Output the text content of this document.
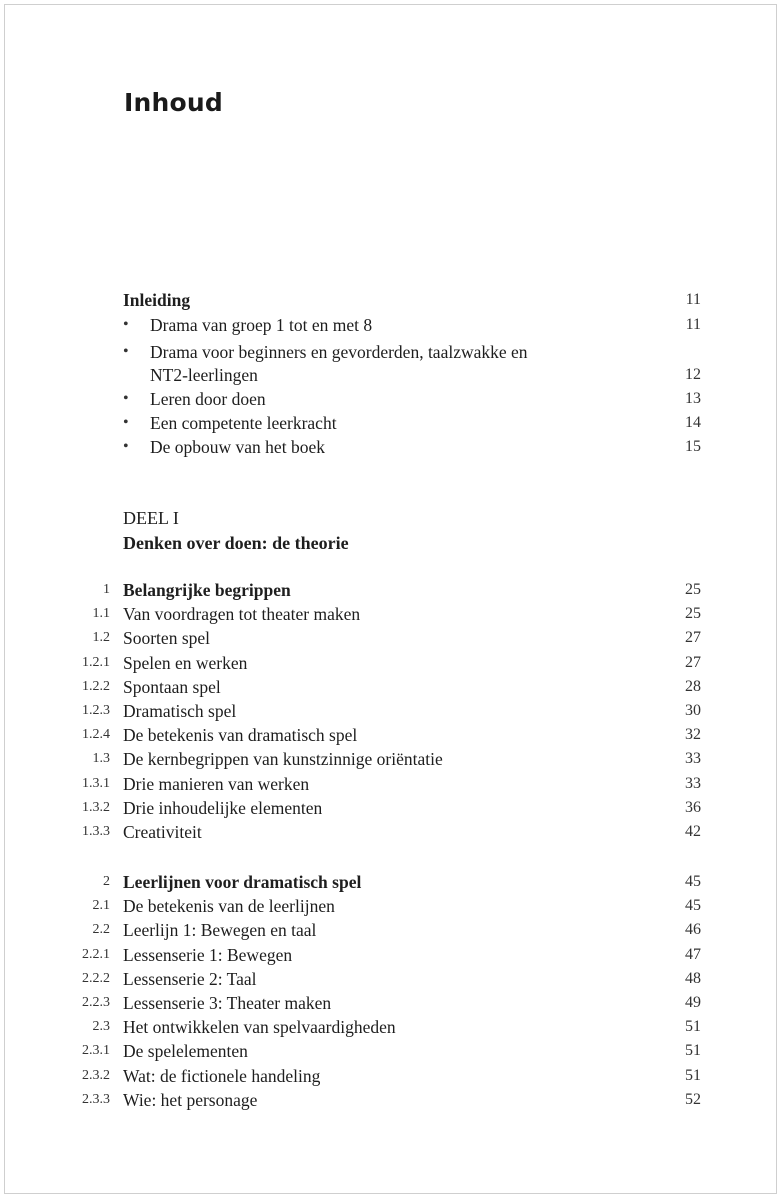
Inhoud
Inleiding	11
• Drama van groep 1 tot en met 8	11
• Drama voor beginners en gevorderden, taalzwakke en
NT2-leerlingen	12
• Leren door doen	13
• Een competente leerkracht	14
• De opbouw van het boek	15
DEEL I
Denken over doen: de theorie
1 Belangrijke begrippen	25
1.1 Van voordragen tot theater maken	25
1.2 Soorten spel	27
1.2.1 Spelen en werken	27
1.2.2 Spontaan spel	28
1.2.3 Dramatisch spel	30
1.2.4 De betekenis van dramatisch spel	32
1.3 De kernbegrippen van kunstzinnige oriëntatie	33
1.3.1 Drie manieren van werken	33
1.3.2 Drie inhoudelijke elementen	36
1.3.3 Creativiteit	42
2 Leerlijnen voor dramatisch spel	45
2.1 De betekenis van de leerlijnen	45
2.2 Leerlijn 1: Bewegen en taal	46
2.2.1 Lessenserie 1: Bewegen	47
2.2.2 Lessenserie 2: Taal	48
2.2.3 Lessenserie 3: Theater maken	49
2.3 Het ontwikkelen van spelvaardigheden	51
2.3.1 De spelelementen	51
2.3.2 Wat: de fictionele handeling	51
2.3.3 Wie: het personage	52
